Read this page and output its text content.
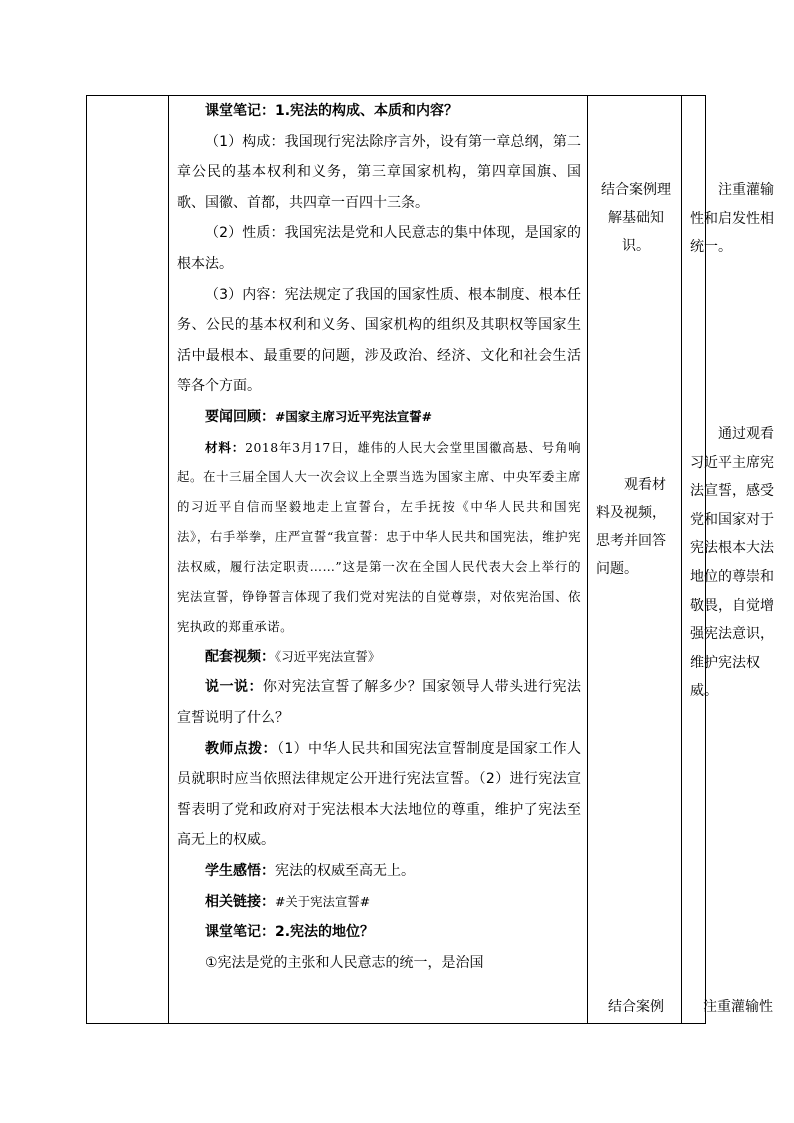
课堂笔记：1.宪法的构成、本质和内容？

（1）构成：我国现行宪法除序言外，设有第一章总纲，第二章公民的基本权利和义务，第三章国家机构，第四章国旗、国歌、国徽、首都，共四章一百四十三条。

（2）性质：我国宪法是党和人民意志的集中体现，是国家的根本法。

（3）内容：宪法规定了我国的国家性质、根本制度、根本任务、公民的基本权利和义务、国家机构的组织及其职权等国家生活中最根本、最重要的问题，涉及政治、经济、文化和社会生活等各个方面。

要闻回顾：#国家主席习近平宪法宣誓#

材料：2018年3月17日，雄伟的人民大会堂里国徽高悬、号角响起。在十三届全国人大一次会议上全票当选为国家主席、中央军委主席的习近平自信而坚毅地走上宣誓台，左手抚按《中华人民共和国宪法》，右手举拳，庄严宣誓“我宣誓：忠于中华人民共和国宪法，维护宪法权威，履行法定职责……”这是第一次在全国人民代表大会上举行的宪法宣誓，铮铮誓言体现了我们党对宪法的自觉尊崇，对依宪治国、依宪执政的郑重承诺。

配套视频：《习近平宪法宣誓》

说一说：你对宪法宣誓了解多少？国家领导人带头进行宪法宣誓说明了什么？

教师点拨：（1）中华人民共和国宪法宣誓制度是国家工作人员就职时应当依照法律规定公开进行宪法宣誓。（2）进行宪法宣誓表明了党和政府对于宪法根本大法地位的尊重，维护了宪法至高无上的权威。

学生感悟：宪法的权威至高无上。

相关链接：#关于宪法宣誓#

课堂笔记：2.宪法的地位？

①宪法是党的主张和人民意志的统一，是治国

结合案例理解基础知识。
观看材料及视频，思考并回答问题。
结合案例
注重灌输性和启发性相统一。
通过观看习近平主席宪法宣誓，感受党和国家对于宪法根本大法地位的尊崇和敬畏，自觉增强宪法意识，维护宪法权威。
注重灌输性
